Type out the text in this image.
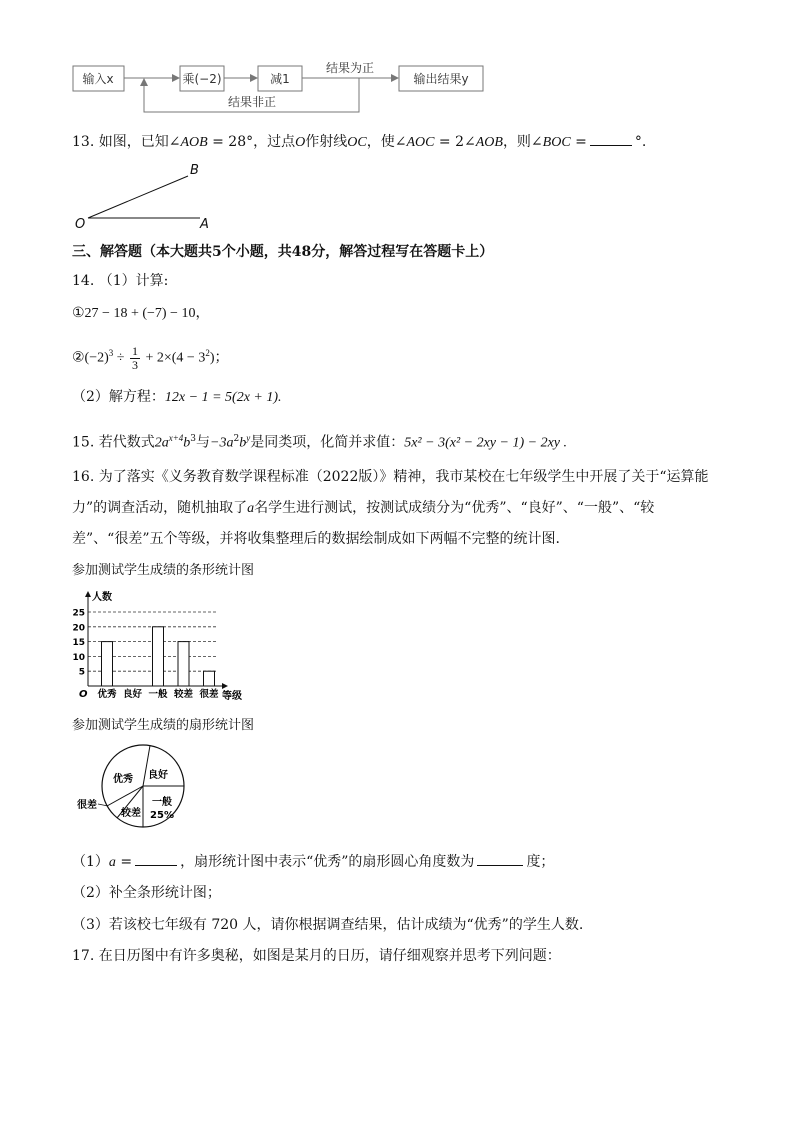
输入x	乘(−2)	减1
结果为正
输出结果y
结果非正
13. 如图，已知∠AOB = 28°，过点O作射线OC，使∠AOC = 2∠AOB，则∠BOC =	°.
O	A
B
三、解答题（本大题共5个小题，共48分，解答过程写在答题卡上）
14. （1）计算:
①27 − 18 + (−7) − 10，
$②(-2)^3 \div \frac{1}{3} + 2\times(4 - 3^2)$；
（2）解方程：12x − 1 = 5(2x + 1).
15. 若代数式$2a^{x+4}b^3$与$-3a^2b^y$是同类项，化简并求值：5x² − 3(x² − 2xy − 1) − 2xy .
16. 为了落实《义务教育数学课程标准（2022版）》精神，我市某校在七年级学生中开展了关于“运算能
力”的调查活动，随机抽取了a名学生进行测试，按测试成绩分为“优秀”、“良好”、“一般”、“较
差”、“很差”五个等级，并将收集整理后的数据绘制成如下两幅不完整的统计图.
参加测试学生成绩的条形统计图
5
10
15
20
25
人数
等级
O 优秀 良好 一般 较差 很差
参加测试学生成绩的扇形统计图
优秀 良好
一般
25%
较差
很差
（1）a =	，扇形统计图中表示“优秀”的扇形圆心角度数为	度；
（2）补全条形统计图；
（3）若该校七年级有 720 人，请你根据调查结果，估计成绩为“优秀”的学生人数.
17. 在日历图中有许多奥秘，如图是某月的日历，请仔细观察并思考下列问题：
